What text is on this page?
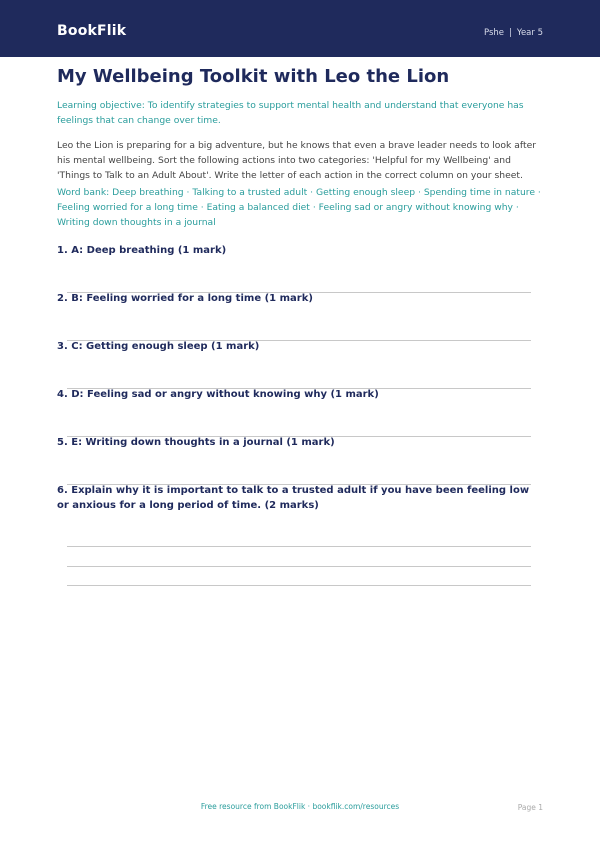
BookFlik	Pshe | Year 5
My Wellbeing Toolkit with Leo the Lion

Learning objective: To identify strategies to support mental health and understand that everyone has feelings that can change over time.

Leo the Lion is preparing for a big adventure, but he knows that even a brave leader needs to look after his mental wellbeing. Sort the following actions into two categories: 'Helpful for my Wellbeing' and 'Things to Talk to an Adult About'. Write the letter of each action in the correct column on your sheet.

Word bank: Deep breathing · Talking to a trusted adult · Getting enough sleep · Spending time in nature · Feeling worried for a long time · Eating a balanced diet · Feeling sad or angry without knowing why · Writing down thoughts in a journal

1. A: Deep breathing (1 mark)
2. B: Feeling worried for a long time (1 mark)
3. C: Getting enough sleep (1 mark)
4. D: Feeling sad or angry without knowing why (1 mark)
5. E: Writing down thoughts in a journal (1 mark)
6. Explain why it is important to talk to a trusted adult if you have been feeling low or anxious for a long period of time. (2 marks)
Free resource from BookFlik · bookflik.com/resources	Page 1
